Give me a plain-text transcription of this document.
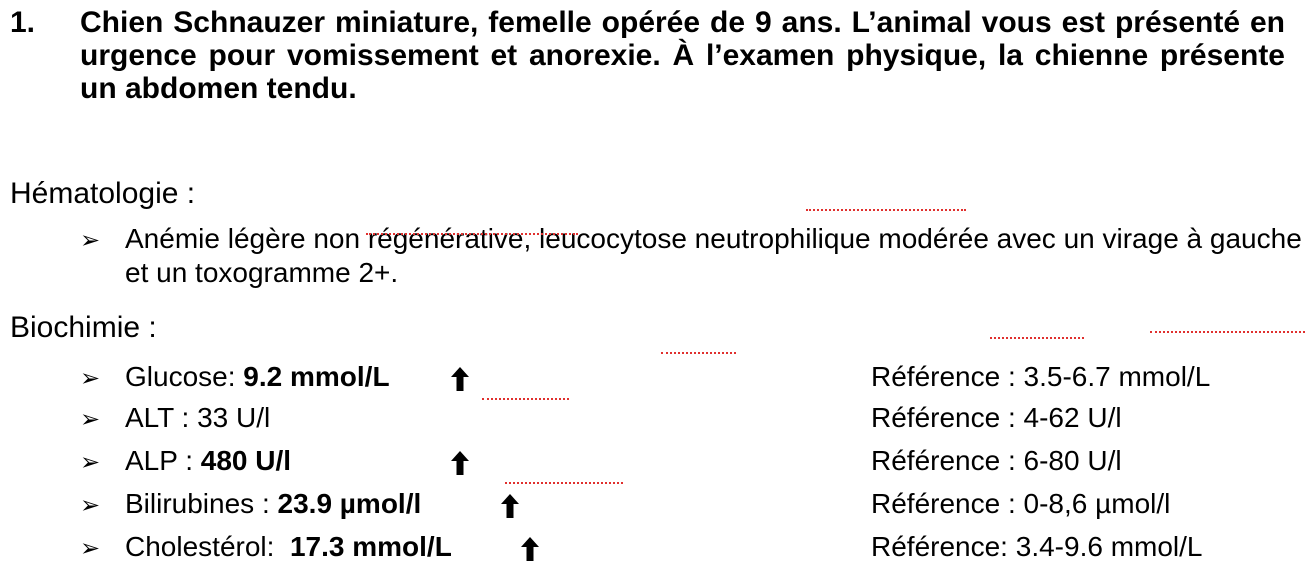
1. Chien Schnauzer miniature, femelle opérée de 9 ans. L’animal vous est présenté en urgence pour vomissement et anorexie. À l’examen physique, la chienne présente un abdomen tendu.
Hématologie :
➢ Anémie légère non régénérative, leucocytose neutrophilique modérée avec un virage à gauche et un toxogramme 2+.
Biochimie :
➢ Glucose: 9.2 mmol/L	Référence : 3.5-6.7 mmol/L
➢ ALT : 33 U/l	Référence : 4-62 U/l
➢ ALP : 480 U/l	Référence : 6-80 U/l
➢ Bilirubines : 23.9 µmol/l	Référence : 0-8,6 µmol/l
➢ Cholestérol: 17.3 mmol/L	Référence: 3.4-9.6 mmol/L
